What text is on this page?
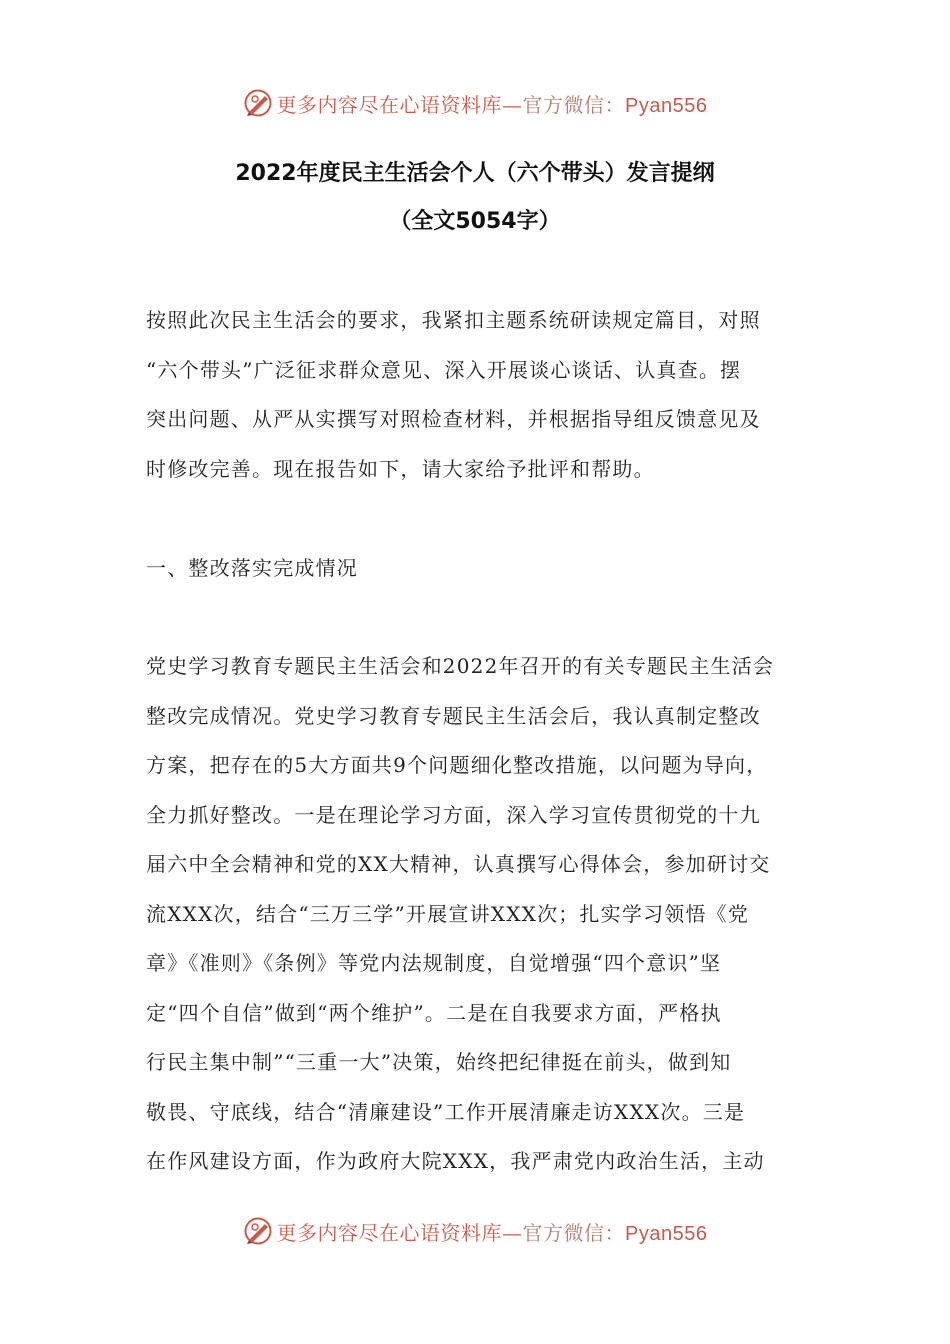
更多内容尽在心语资料库—官方微信：Pyan556
2022年度民主生活会个人（六个带头）发言提纲
（全文5054字）
按照此次民主生活会的要求，我紧扣主题系统研读规定篇目，对照
“六个带头”广泛征求群众意见、深入开展谈心谈话、认真查。摆
突出问题、从严从实撰写对照检查材料，并根据指导组反馈意见及
时修改完善。现在报告如下，请大家给予批评和帮助。
一、整改落实完成情况
党史学习教育专题民主生活会和2022年召开的有关专题民主生活会
整改完成情况。党史学习教育专题民主生活会后，我认真制定整改
方案，把存在的5大方面共9个问题细化整改措施，以问题为导向，
全力抓好整改。一是在理论学习方面，深入学习宣传贯彻党的十九
届六中全会精神和党的XX大精神，认真撰写心得体会，参加研讨交
流XXX次，结合“三万三学”开展宣讲XXX次；扎实学习领悟《党
章》《准则》《条例》等党内法规制度，自觉增强“四个意识”坚
定“四个自信”做到“两个维护”。二是在自我要求方面，严格执
行民主集中制”“三重一大”决策，始终把纪律挺在前头，做到知
敬畏、守底线，结合“清廉建设”工作开展清廉走访XXX次。三是
在作风建设方面，作为政府大院XXX，我严肃党内政治生活，主动
更多内容尽在心语资料库—官方微信：Pyan556
